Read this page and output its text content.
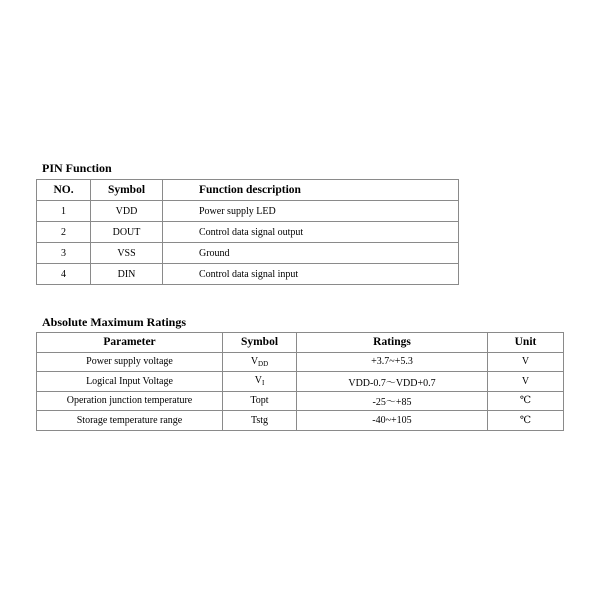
PIN Function
NO.	Symbol	Function description
1	VDD	Power supply LED
2	DOUT	Control data signal output
3	VSS	Ground
4	DIN	Control data signal input
Absolute Maximum Ratings
Parameter	Symbol	Ratings	Unit
Power supply voltage	$V_{DD}$	+3.7~+5.3	V
Logical Input Voltage	$V_I$	VDD-0.7～VDD+0.7	V
Operation junction temperature	Topt	-25～+85	℃
Storage temperature range	Tstg	-40~+105	℃
